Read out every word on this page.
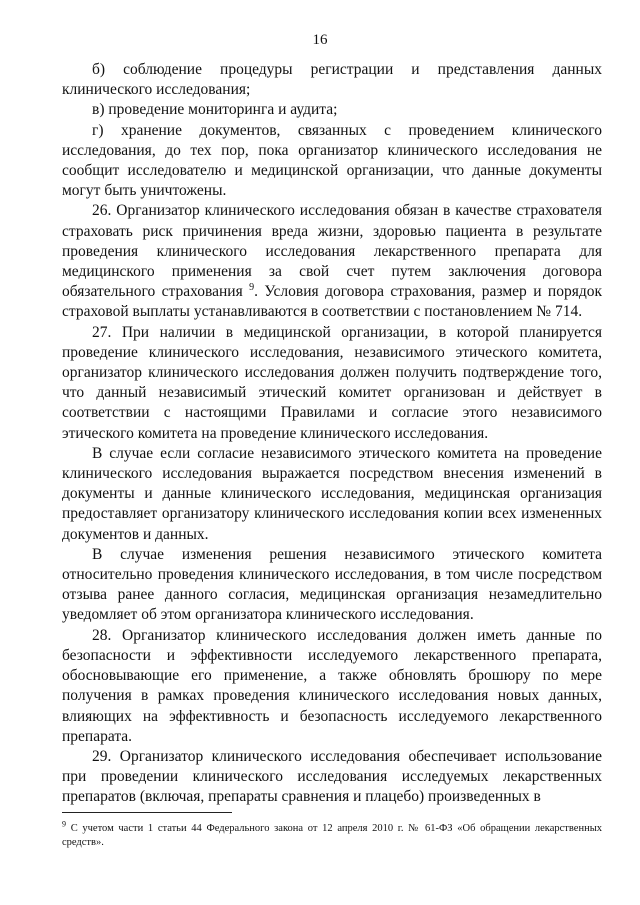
16

б) соблюдение процедуры регистрации и представления данных клинического исследования;

в) проведение мониторинга и аудита;

г) хранение документов, связанных с проведением клинического исследования, до тех пор, пока организатор клинического исследования не сообщит исследователю и медицинской организации, что данные документы могут быть уничтожены.

26. Организатор клинического исследования обязан в качестве страхователя страховать риск причинения вреда жизни, здоровью пациента в результате проведения клинического исследования лекарственного препарата для медицинского применения за свой счет путем заключения договора обязательного страхования $^9$. Условия договора страхования, размер и порядок страховой выплаты устанавливаются в соответствии с постановлением № 714.

27. При наличии в медицинской организации, в которой планируется проведение клинического исследования, независимого этического комитета, организатор клинического исследования должен получить подтверждение того, что данный независимый этический комитет организован и действует в соответствии с настоящими Правилами и согласие этого независимого этического комитета на проведение клинического исследования.

В случае если согласие независимого этического комитета на проведение клинического исследования выражается посредством внесения изменений в документы и данные клинического исследования, медицинская организация предоставляет организатору клинического исследования копии всех измененных документов и данных.

В случае изменения решения независимого этического комитета относительно проведения клинического исследования, в том числе посредством отзыва ранее данного согласия, медицинская организация незамедлительно уведомляет об этом организатора клинического исследования.

28. Организатор клинического исследования должен иметь данные по безопасности и эффективности исследуемого лекарственного препарата, обосновывающие его применение, а также обновлять брошюру по мере получения в рамках проведения клинического исследования новых данных, влияющих на эффективность и безопасность исследуемого лекарственного препарата.

29. Организатор клинического исследования обеспечивает использование при проведении клинического исследования исследуемых лекарственных препаратов (включая, препараты сравнения и плацебо) произведенных в

$^9$ С учетом части 1 статьи 44 Федерального закона от 12 апреля 2010 г. № 61-ФЗ «Об обращении лекарственных средств».
